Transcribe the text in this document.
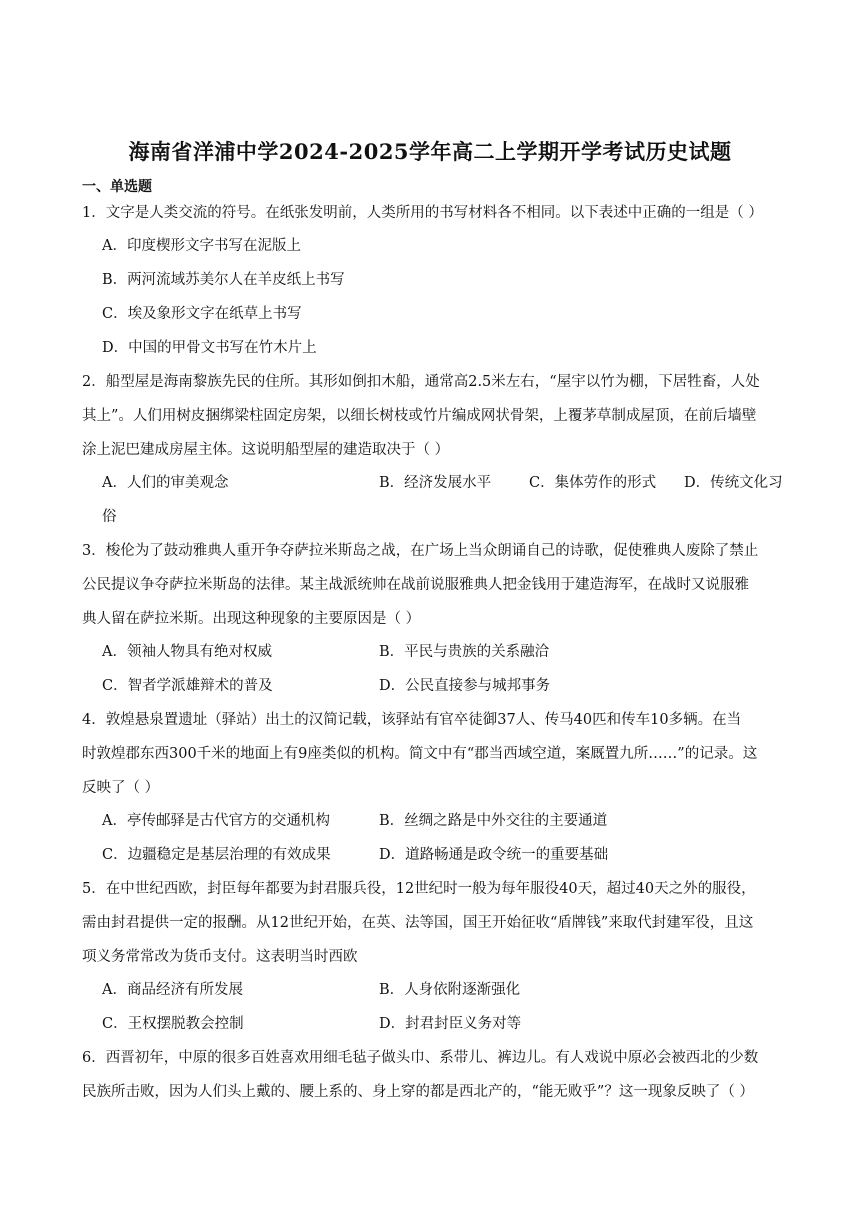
海南省洋浦中学2024-2025学年高二上学期开学考试历史试题
一、单选题
1．文字是人类交流的符号。在纸张发明前，人类所用的书写材料各不相同。以下表述中正确的一组是（ ）
A．印度楔形文字书写在泥版上
B．两河流域苏美尔人在羊皮纸上书写
C．埃及象形文字在纸草上书写
D．中国的甲骨文书写在竹木片上
2．船型屋是海南黎族先民的住所。其形如倒扣木船，通常高2.5米左右，“屋宇以竹为棚，下居牲畜，人处
其上”。人们用树皮捆绑梁柱固定房架，以细长树枝或竹片编成网状骨架，上覆茅草制成屋顶，在前后墙壁
涂上泥巴建成房屋主体。这说明船型屋的建造取决于（ ）
A．人们的审美观念	B．经济发展水平	C．集体劳作的形式 D．传统文化习
俗
3．梭伦为了鼓动雅典人重开争夺萨拉米斯岛之战，在广场上当众朗诵自己的诗歌，促使雅典人废除了禁止
公民提议争夺萨拉米斯岛的法律。某主战派统帅在战前说服雅典人把金钱用于建造海军，在战时又说服雅
典人留在萨拉米斯。出现这种现象的主要原因是（ ）
A．领袖人物具有绝对权威	B．平民与贵族的关系融洽
C．智者学派雄辩术的普及	D．公民直接参与城邦事务
4．敦煌悬泉置遗址（驿站）出土的汉简记载，该驿站有官卒徒御37人、传马40匹和传车10多辆。在当
时敦煌郡东西300千米的地面上有9座类似的机构。简文中有“郡当西域空道，案厩置九所……”的记录。这
反映了（ ）
A．亭传邮驿是古代官方的交通机构	B．丝绸之路是中外交往的主要通道
C．边疆稳定是基层治理的有效成果	D．道路畅通是政令统一的重要基础
5．在中世纪西欧，封臣每年都要为封君服兵役，12世纪时一般为每年服役40天，超过40天之外的服役，
需由封君提供一定的报酬。从12世纪开始，在英、法等国，国王开始征收“盾牌钱”来取代封建军役，且这
项义务常常改为货币支付。这表明当时西欧
A．商品经济有所发展	B．人身依附逐渐强化
C．王权摆脱教会控制	D．封君封臣义务对等
6．西晋初年，中原的很多百姓喜欢用细毛毡子做头巾、系带儿、裤边儿。有人戏说中原必会被西北的少数
民族所击败，因为人们头上戴的、腰上系的、身上穿的都是西北产的，“能无败乎”？这一现象反映了（ ）
